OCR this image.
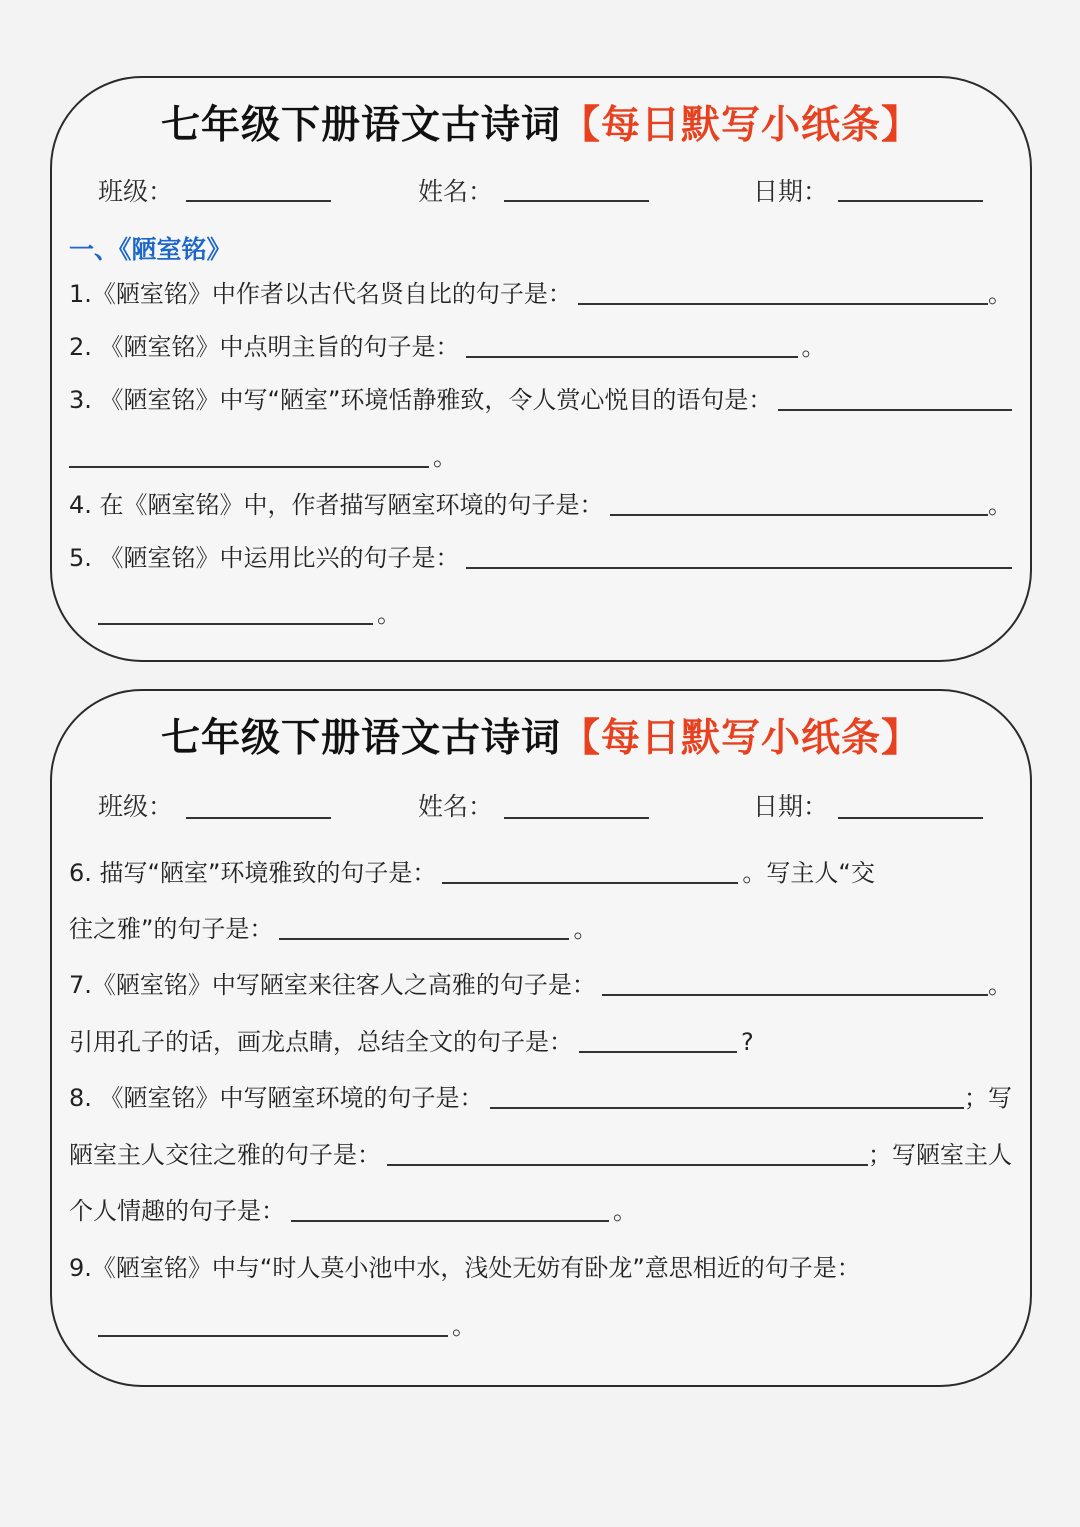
七年级下册语文古诗词【每日默写小纸条】
班级：	姓名：	日期：
一、《陋室铭》
1.《陋室铭》中作者以古代名贤自比的句子是：	。
2. 《陋室铭》中点明主旨的句子是：	。
3. 《陋室铭》中写“陋室”环境恬静雅致，令人赏心悦目的语句是：
。
4. 在《陋室铭》中，作者描写陋室环境的句子是：	。
5. 《陋室铭》中运用比兴的句子是：
。
七年级下册语文古诗词【每日默写小纸条】
班级：	姓名：	日期：
6. 描写“陋室”环境雅致的句子是：	。写主人“交
往之雅”的句子是：	。
7.《陋室铭》中写陋室来往客人之高雅的句子是：	。
引用孔子的话，画龙点睛，总结全文的句子是：	?
8. 《陋室铭》中写陋室环境的句子是：	；写
陋室主人交往之雅的句子是：	；写陋室主人
个人情趣的句子是：	。
9.《陋室铭》中与“时人莫小池中水，浅处无妨有卧龙”意思相近的句子是：
。
